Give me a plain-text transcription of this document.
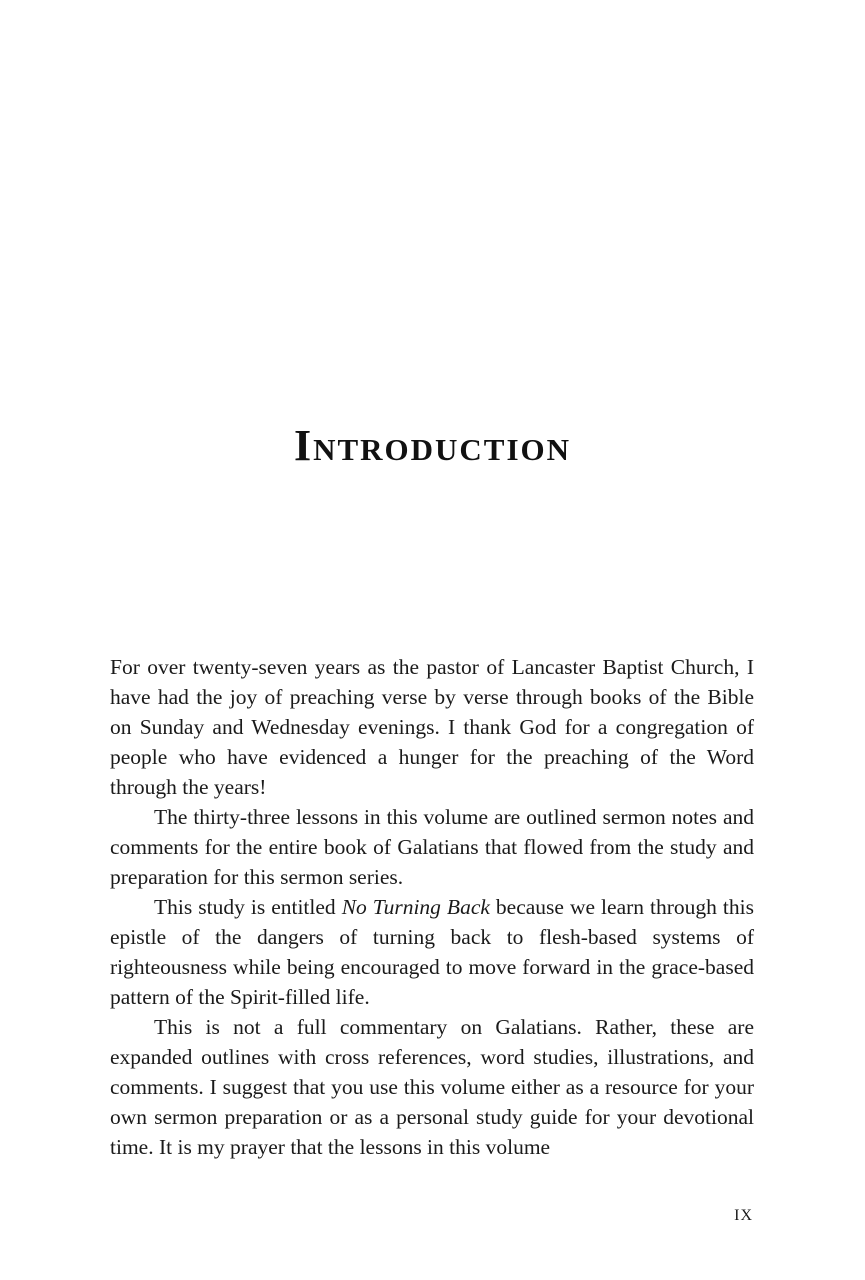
Introduction

For over twenty-seven years as the pastor of Lancaster Baptist Church, I have had the joy of preaching verse by verse through books of the Bible on Sunday and Wednesday evenings. I thank God for a congregation of people who have evidenced a hunger for the preaching of the Word through the years!

The thirty-three lessons in this volume are outlined sermon notes and comments for the entire book of Galatians that flowed from the study and preparation for this sermon series.

This study is entitled No Turning Back because we learn through this epistle of the dangers of turning back to flesh-based systems of righteousness while being encouraged to move forward in the grace-based pattern of the Spirit-filled life.

This is not a full commentary on Galatians. Rather, these are expanded outlines with cross references, word studies, illustrations, and comments. I suggest that you use this volume either as a resource for your own sermon preparation or as a personal study guide for your devotional time. It is my prayer that the lessons in this volume

IX
